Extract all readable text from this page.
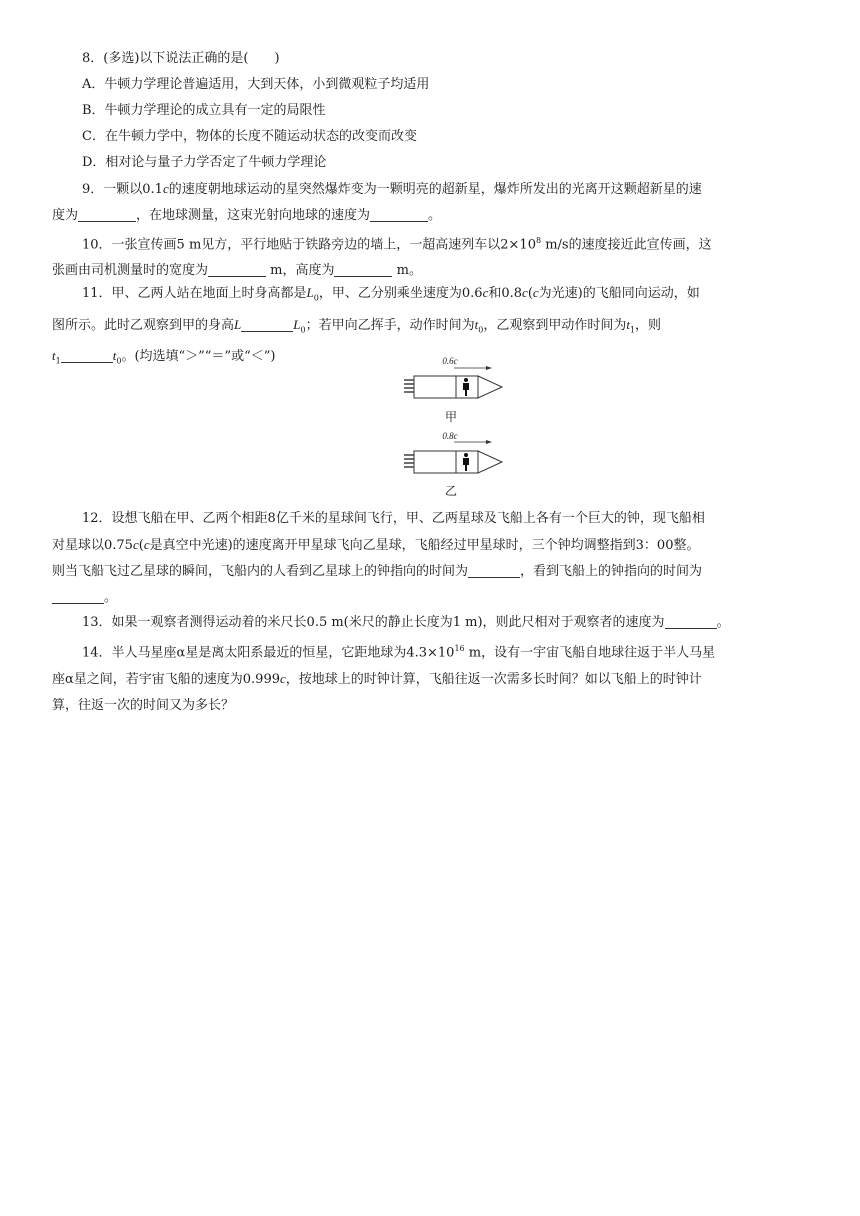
8．(多选)以下说法正确的是(　　)
A．牛顿力学理论普遍适用，大到天体，小到微观粒子均适用
B．牛顿力学理论的成立具有一定的局限性
C．在牛顿力学中，物体的长度不随运动状态的改变而改变
D．相对论与量子力学否定了牛顿力学理论
9．一颗以0.1c的速度朝地球运动的星突然爆炸变为一颗明亮的超新星，爆炸所发出的光离开这颗超新星的速
度为	，在地球测量，这束光射向地球的速度为	。
10．一张宣传画5 m见方，平行地贴于铁路旁边的墙上，一超高速列车以$2\times 10^8$ m/s的速度接近此宣传画，这
张画由司机测量时的宽度为	m，高度为	m。
11．甲、乙两人站在地面上时身高都是$L_0$，甲、乙分别乘坐速度为0.6c和0.8c(c为光速)的飞船同向运动，如
图所示。此时乙观察到甲的身高L	$L_0$；若甲向乙挥手，动作时间为$t_0$，乙观察到甲动作时间为$t_1$，则
$t_1$	$t_0$。(均选填“＞”“＝”或“＜”)	0.6c
甲
0.8c
乙
12．设想飞船在甲、乙两个相距8亿千米的星球间飞行，甲、乙两星球及飞船上各有一个巨大的钟，现飞船相
对星球以0.75c(c是真空中光速)的速度离开甲星球飞向乙星球，飞船经过甲星球时，三个钟均调整指到3：00整。
则当飞船飞过乙星球的瞬间，飞船内的人看到乙星球上的钟指向的时间为	，看到飞船上的钟指向的时间为
。
13．如果一观察者测得运动着的米尺长0.5 m(米尺的静止长度为1 m)，则此尺相对于观察者的速度为	。
14．半人马星座α星是离太阳系最近的恒星，它距地球为$4.3\times 10^{16}$ m，设有一宇宙飞船自地球往返于半人马星
座α星之间，若宇宙飞船的速度为0.999c，按地球上的时钟计算，飞船往返一次需多长时间？如以飞船上的时钟计
算，往返一次的时间又为多长？
